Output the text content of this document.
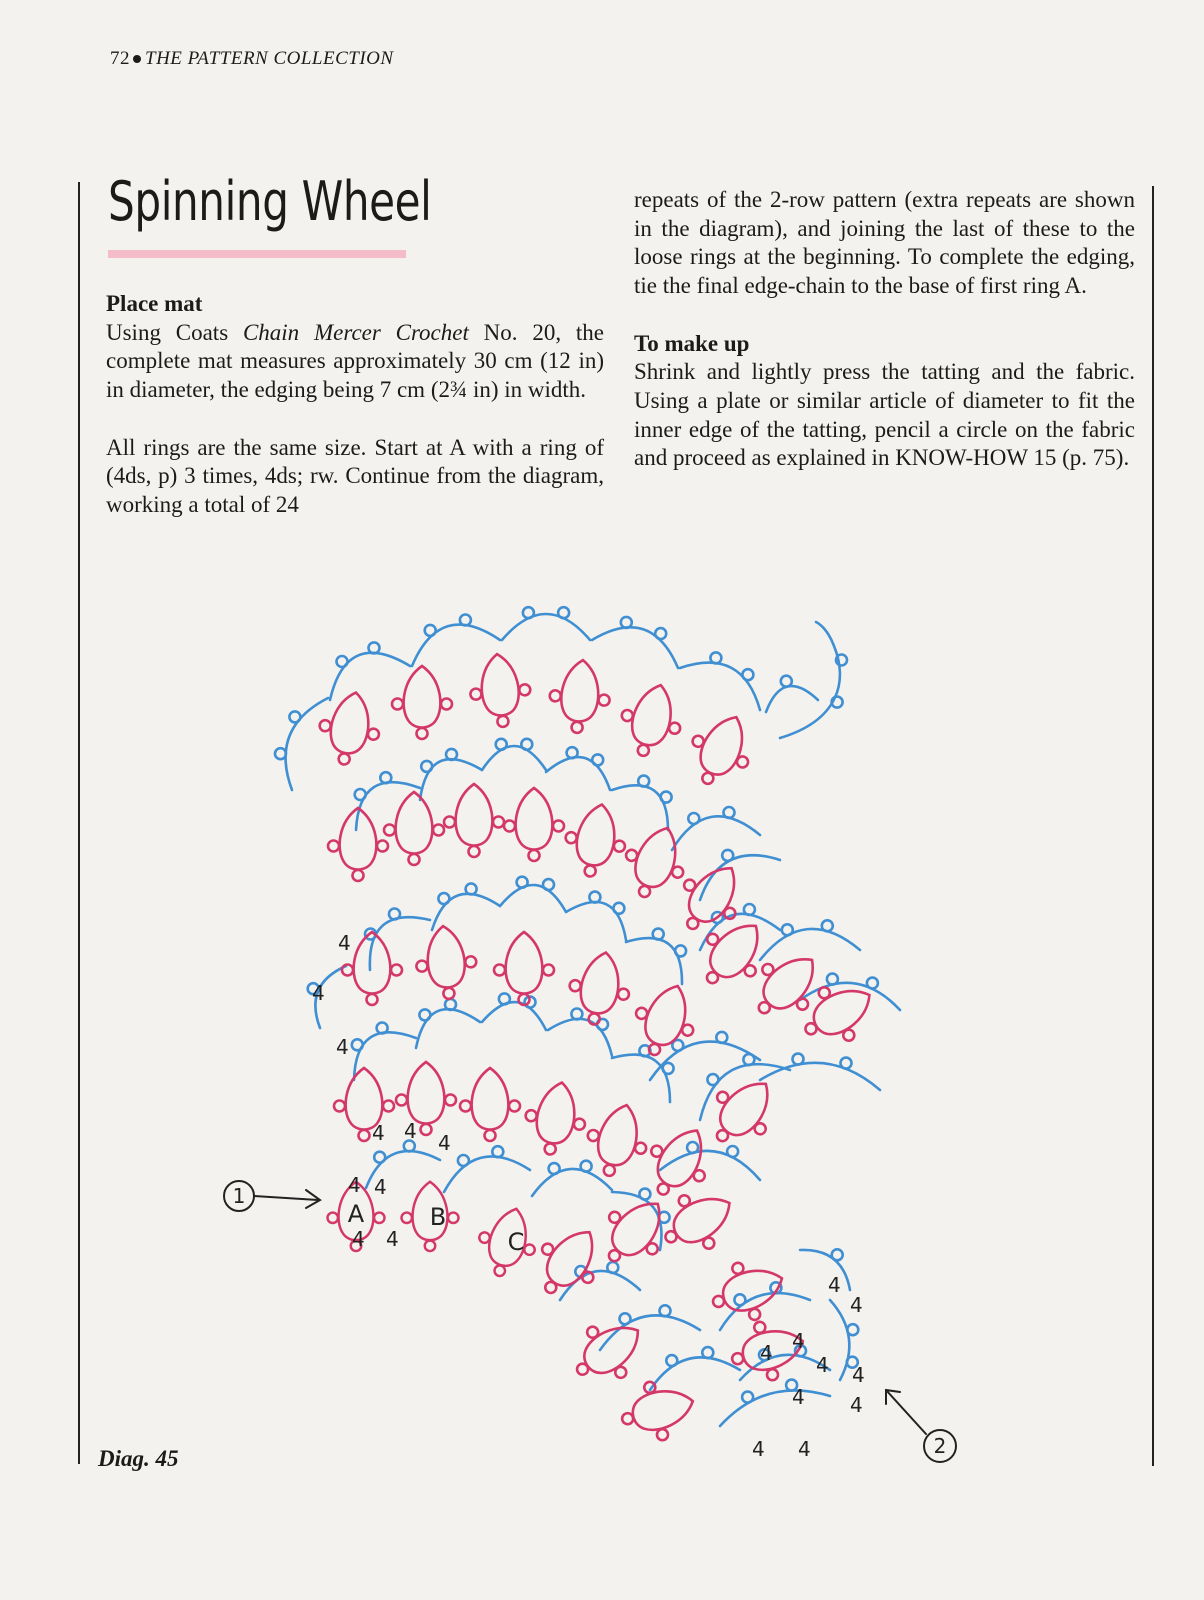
72 THE PATTERN COLLECTION
Spinning Wheel
Place mat

Using Coats Chain Mercer Crochet No. 20, the complete mat measures approximately 30 cm (12 in) in diameter, the edging being 7 cm (2¾ in) in width.

All rings are the same size. Start at A with a ring of (4ds, p) 3 times, 4ds; rw. Continue from the diagram, working a total of 24

repeats of the 2-row pattern (extra repeats are shown in the diagram), and joining the last of these to the loose rings at the beginning. To complete the edging, tie the final edge-chain to the base of first ring A.

To make up

Shrink and lightly press the tatting and the fabric. Using a plate or similar article of diameter to fit the inner edge of the tatting, pencil a circle on the fabric and proceed as explained in KNOW-HOW 15 (p. 75).

A	B
C
4
4
4
4 4 4
4 4
4 4
4
4
4 4
4 4
4 4
4 4
1
2
Diag. 45
